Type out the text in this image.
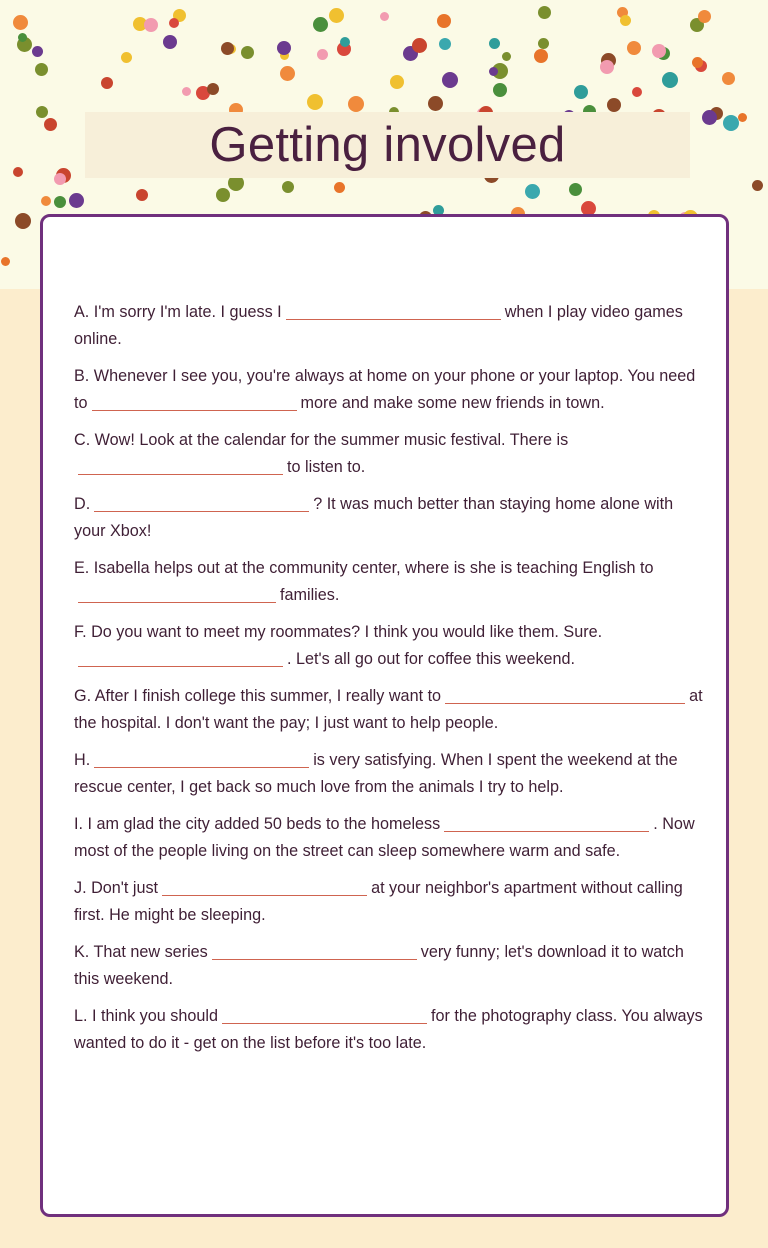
Getting involved
A. I'm sorry I'm late. I guess I	when I play video games online.
B. Whenever I see you, you're always at home on your phone or your laptop. You need to	more and make some new friends in town.
C. Wow! Look at the calendar for the summer music festival. There isto listen to.
D.	? It was much better than staying home alone with your Xbox!
E. Isabella helps out at the community center, where is she is teaching English tofamilies.
F. Do you want to meet my roommates? I think you would like them. Sure.. Let's all go out for coffee this weekend.
G. After I finish college this summer, I really want to	at the hospital. I don't want the pay; I just want to help people.
H.	is very satisfying. When I spent the weekend at the rescue center, I get back so much love from the animals I try to help.
I. I am glad the city added 50 beds to the homeless	. Now most of the people living on the street can sleep somewhere warm and safe.
J. Don't just	at your neighbor's apartment without calling first. He might be sleeping.
K. That new series	very funny; let's download it to watch this weekend.
L. I think you should	for the photography class. You always wanted to do it - get on the list before it's too late.
